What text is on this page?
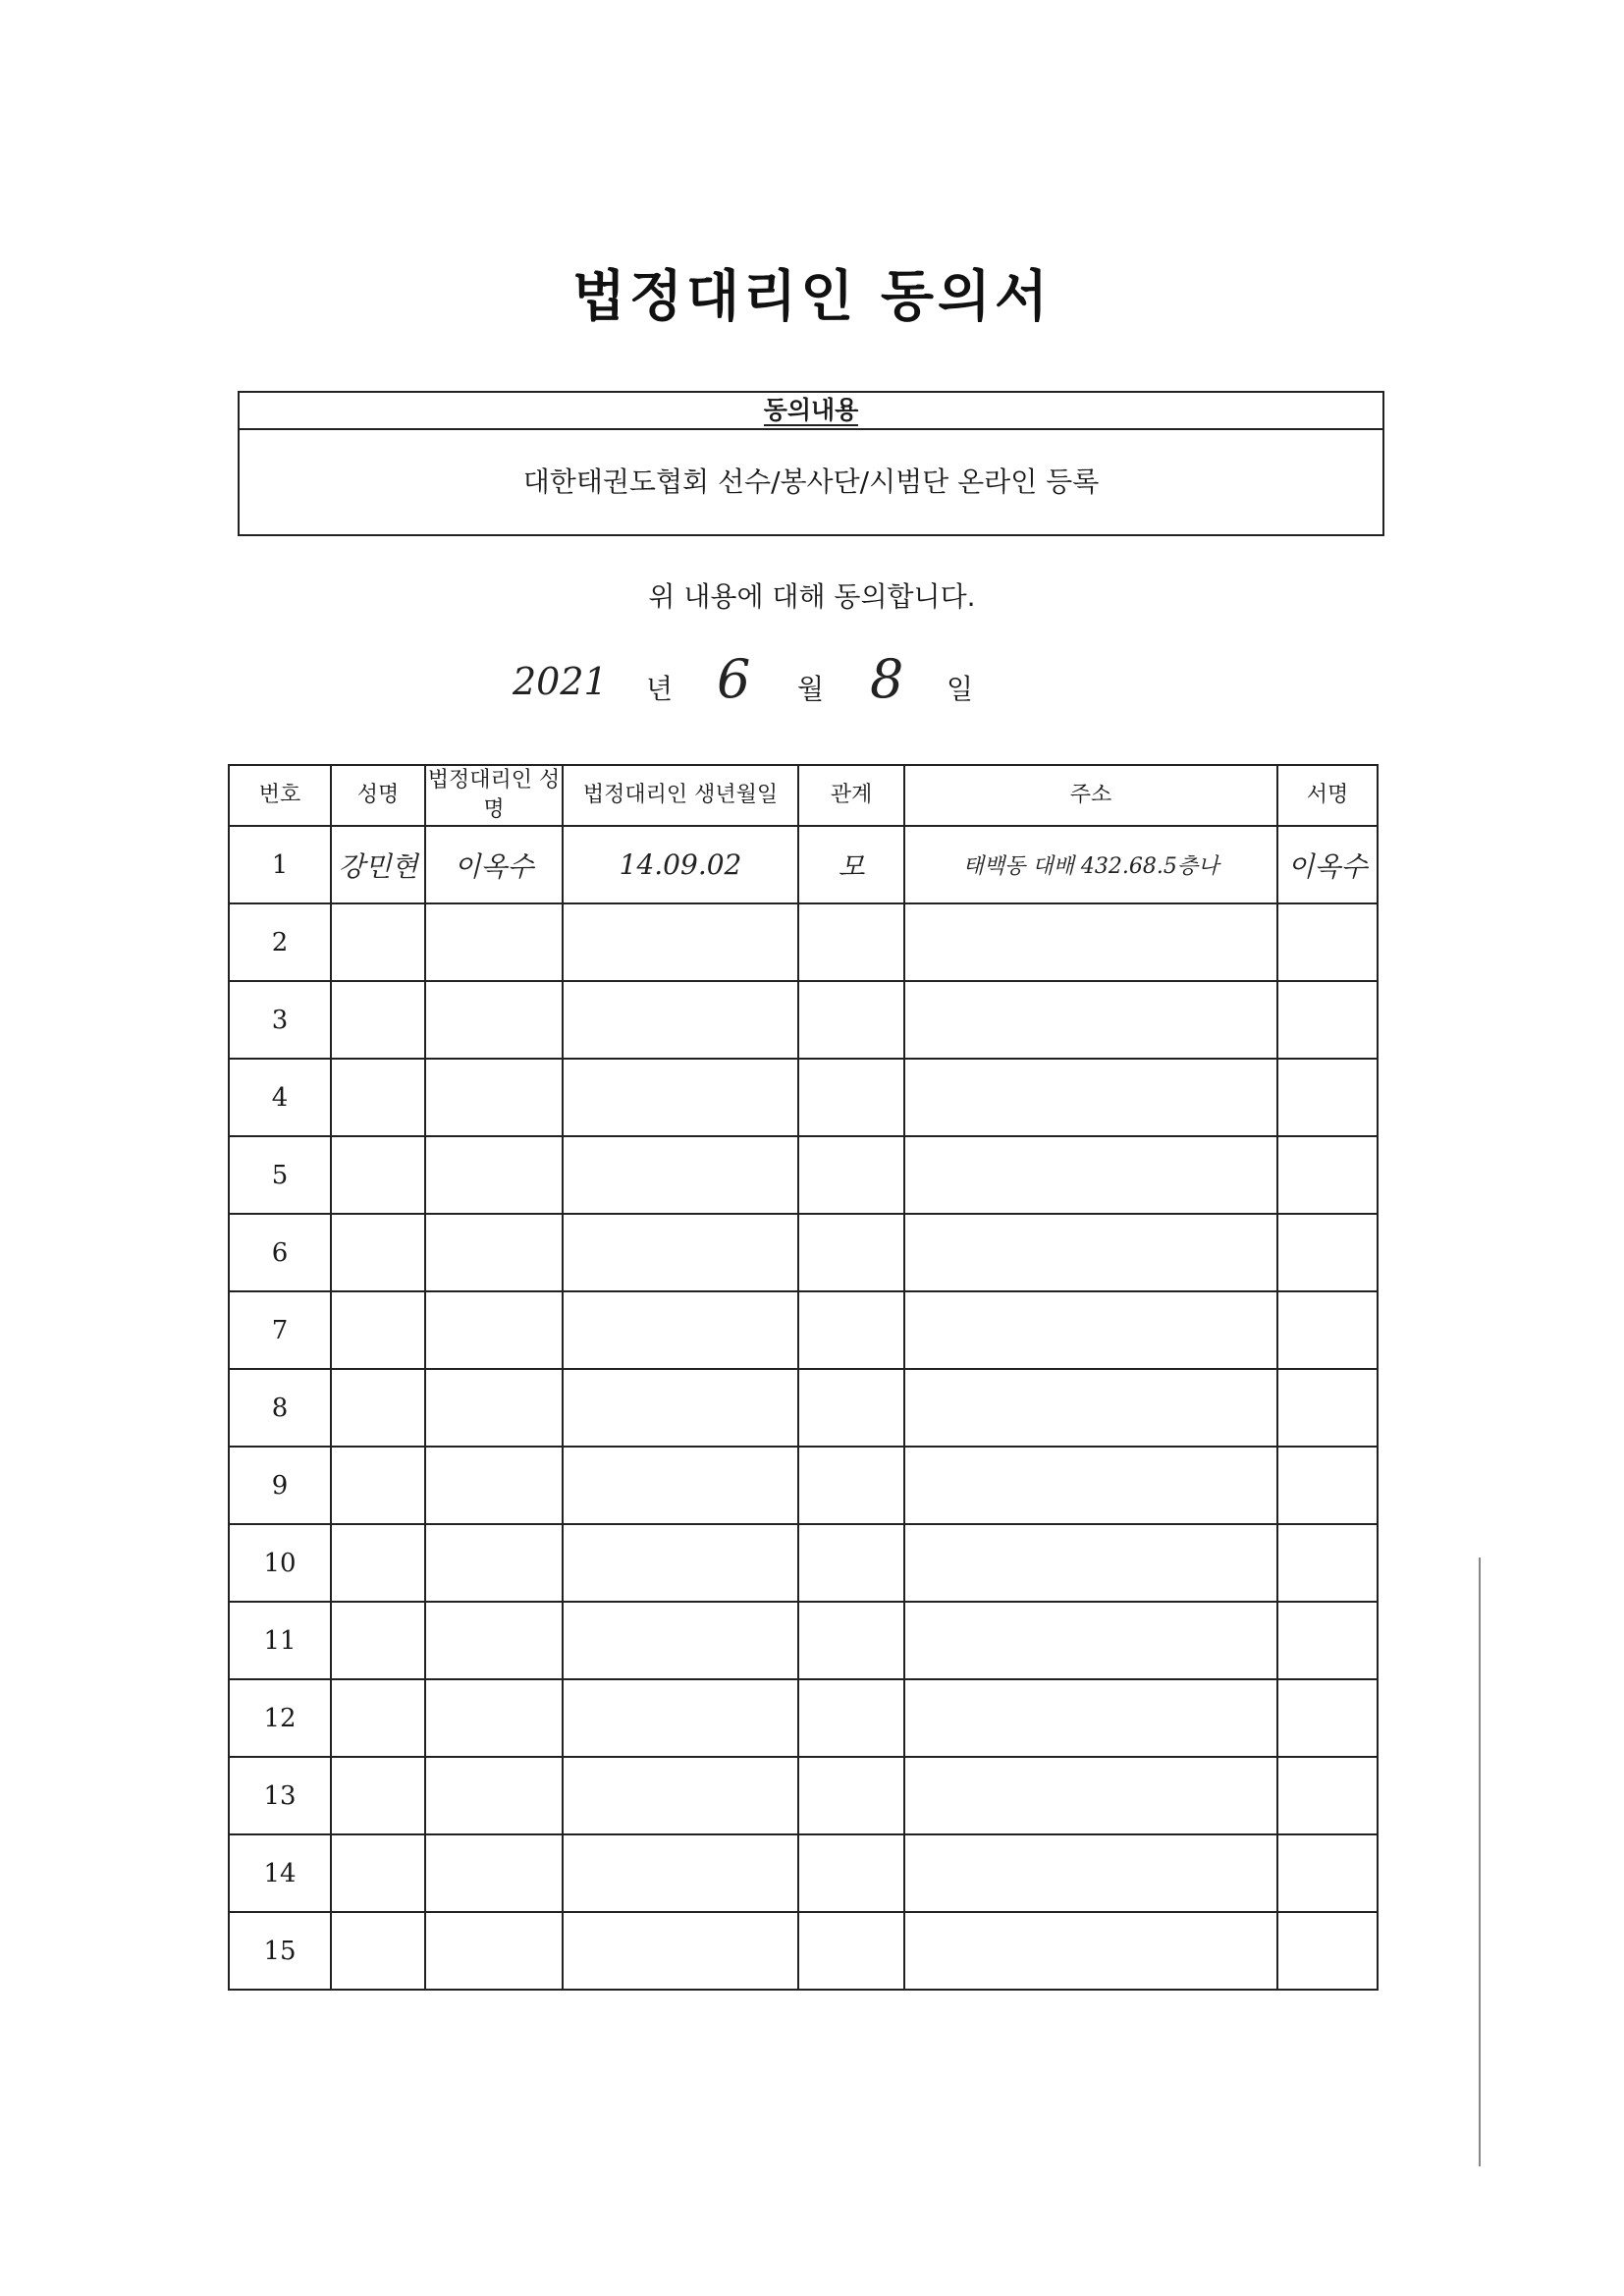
법정대리인 동의서
동의내용
대한태권도협회 선수/봉사단/시범단 온라인 등록
위 내용에 대해 동의합니다.
2021 년 6 월 8 일
번호	성명	법정대리인 성명	법정대리인 생년월일	관계	주소	서명
1	강민현	이옥수	14.09.02	모	태백동 대배 432.68.5층나	이옥수
2						
3						
4						
5						
6						
7						
8						
9						
10						
11						
12						
13						
14						
15						
